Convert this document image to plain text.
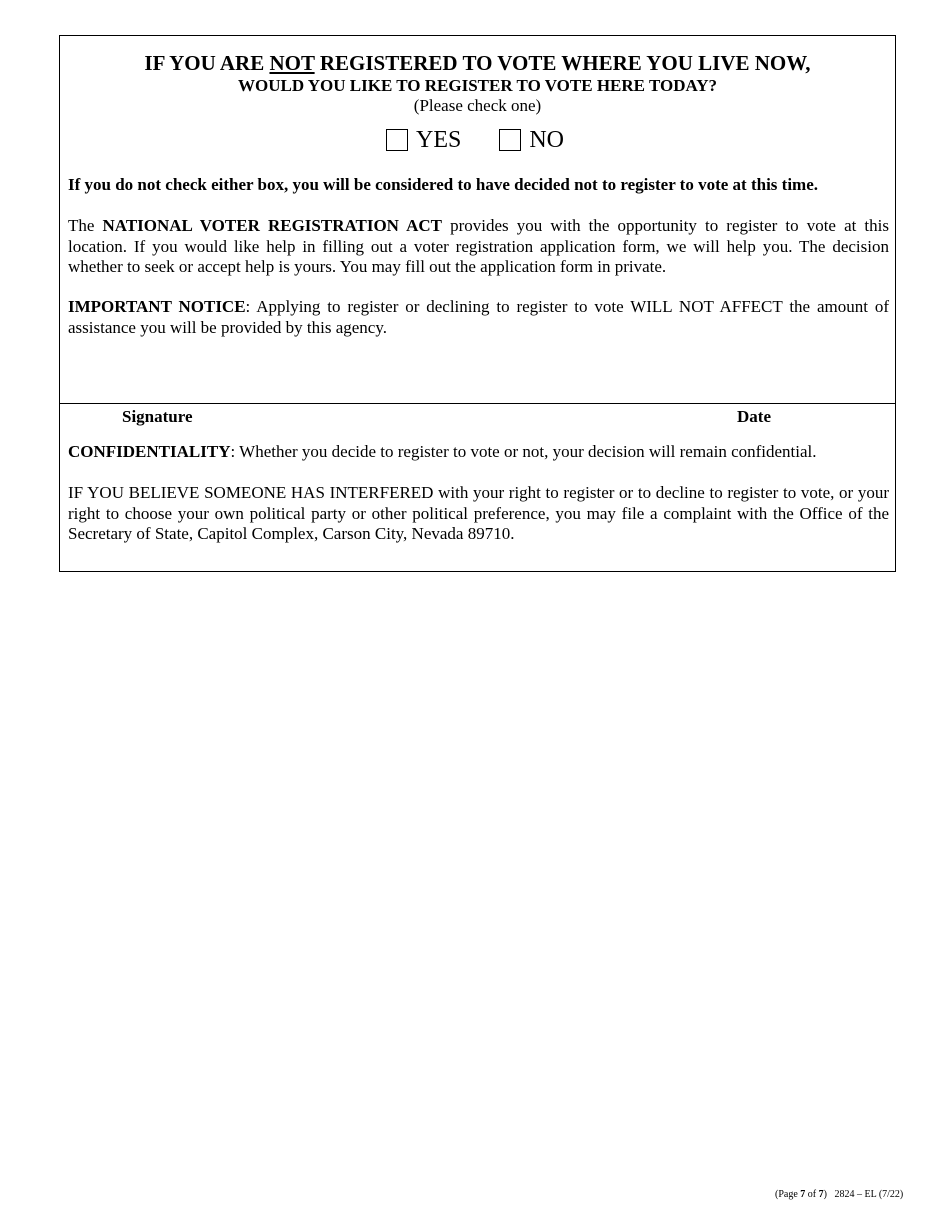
IF YOU ARE NOT REGISTERED TO VOTE WHERE YOU LIVE NOW,
WOULD YOU LIKE TO REGISTER TO VOTE HERE TODAY?
(Please check one)
YES	NO
If you do not check either box, you will be considered to have decided not to register to vote at this time.
The NATIONAL VOTER REGISTRATION ACT provides you with the opportunity to register to vote at this location. If you would like help in filling out a voter registration application form, we will help you. The decision whether to seek or accept help is yours. You may fill out the application form in private.
IMPORTANT NOTICE: Applying to register or declining to register to vote WILL NOT AFFECT the amount of assistance you will be provided by this agency.
Signature	Date
CONFIDENTIALITY: Whether you decide to register to vote or not, your decision will remain confidential.
IF YOU BELIEVE SOMEONE HAS INTERFERED with your right to register or to decline to register to vote, or your right to choose your own political party or other political preference, you may file a complaint with the Office of the Secretary of State, Capitol Complex, Carson City, Nevada 89710.
(Page 7 of 7) 2824 – EL (7/22)
